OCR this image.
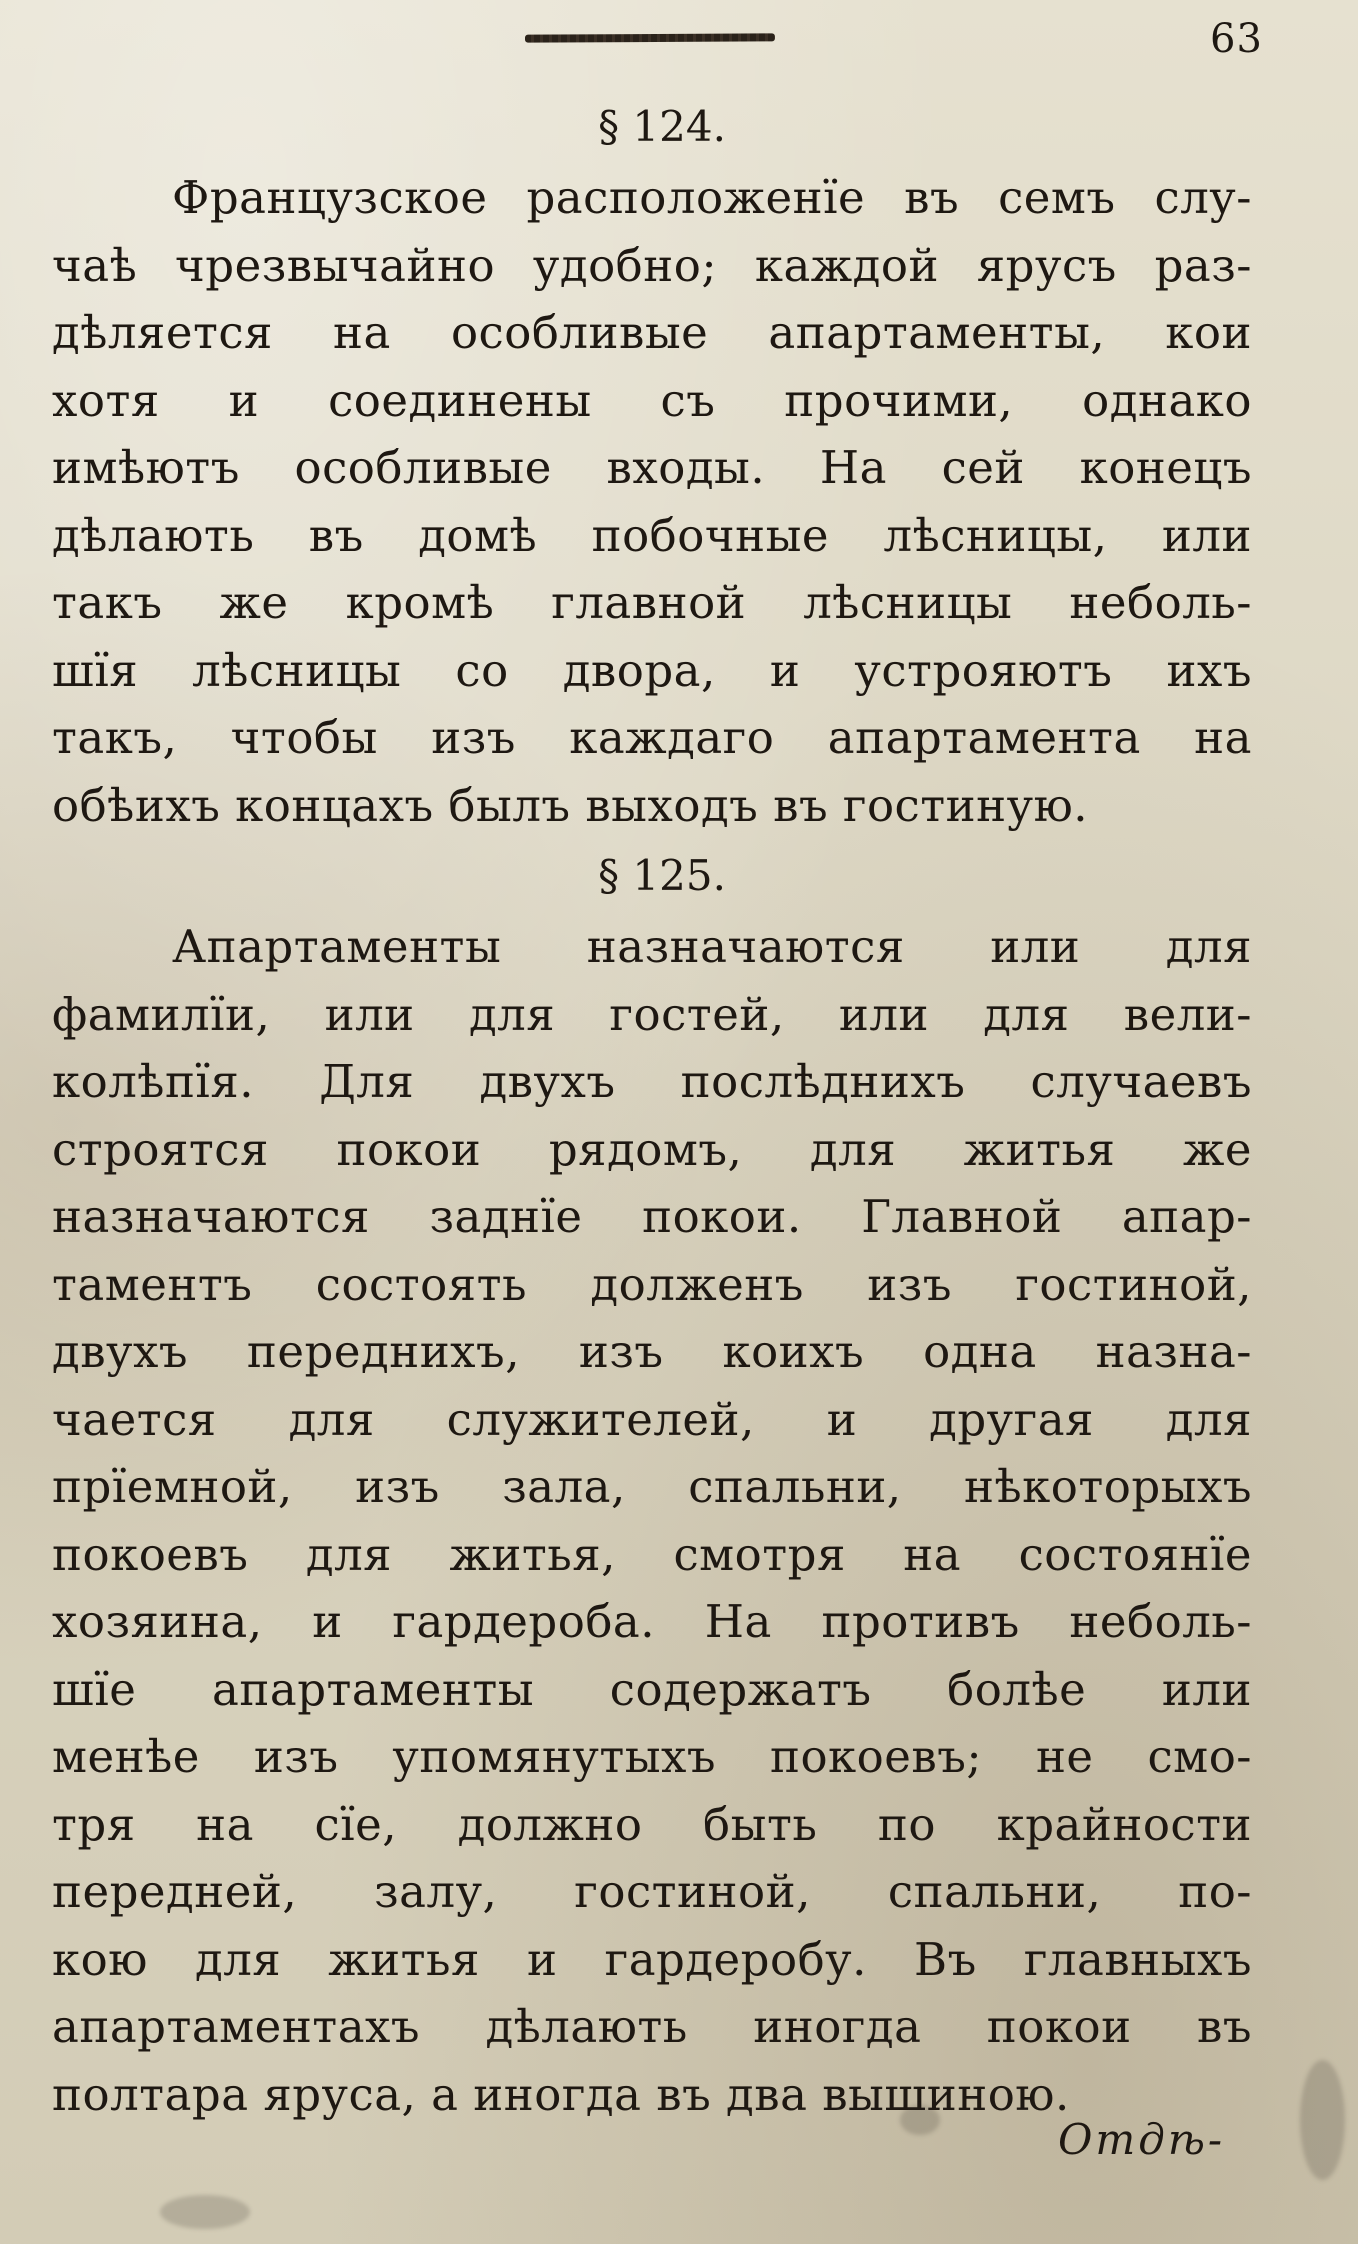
63
§ 124.
Французское расположенїе въ семъ слу-
чаѣ чрезвычайно удобно; каждой ярусъ раз-
дѣляется на особливые апартаменты, кои
хотя и соединены съ прочими, однако
имѣютъ особливые входы. На сей конецъ
дѣлають въ домѣ побочные лѣсницы, или
такъ же кромѣ главной лѣсницы неболь-
шїя лѣсницы со двора, и устрояютъ ихъ
такъ, чтобы изъ каждаго апартамента на
обѣихъ концахъ былъ выходъ въ гостиную.
§ 125.
Апартаменты назначаются или для
фамилїи, или для гостей, или для вели-
колѣпїя. Для двухъ послѣднихъ случаевъ
строятся покои рядомъ, для житья же
назначаются заднїе покои. Главной апар-
таментъ состоять долженъ изъ гостиной,
двухъ переднихъ, изъ коихъ одна назна-
чается для служителей, и другая для
прїемной, изъ зала, спальни, нѣкоторыхъ
покоевъ для житья, смотря на состоянїе
хозяина, и гардероба. На противъ неболь-
шїе апартаменты содержатъ болѣе или
менѣе изъ упомянутыхъ покоевъ; не смо-
тря на сїе, должно быть по крайности
передней, залу, гостиной, спальни, по-
кою для житья и гардеробу. Въ главныхъ
апартаментахъ дѣлають иногда покои въ
полтара яруса, а иногда въ два вышиною.
Отдѣ-
